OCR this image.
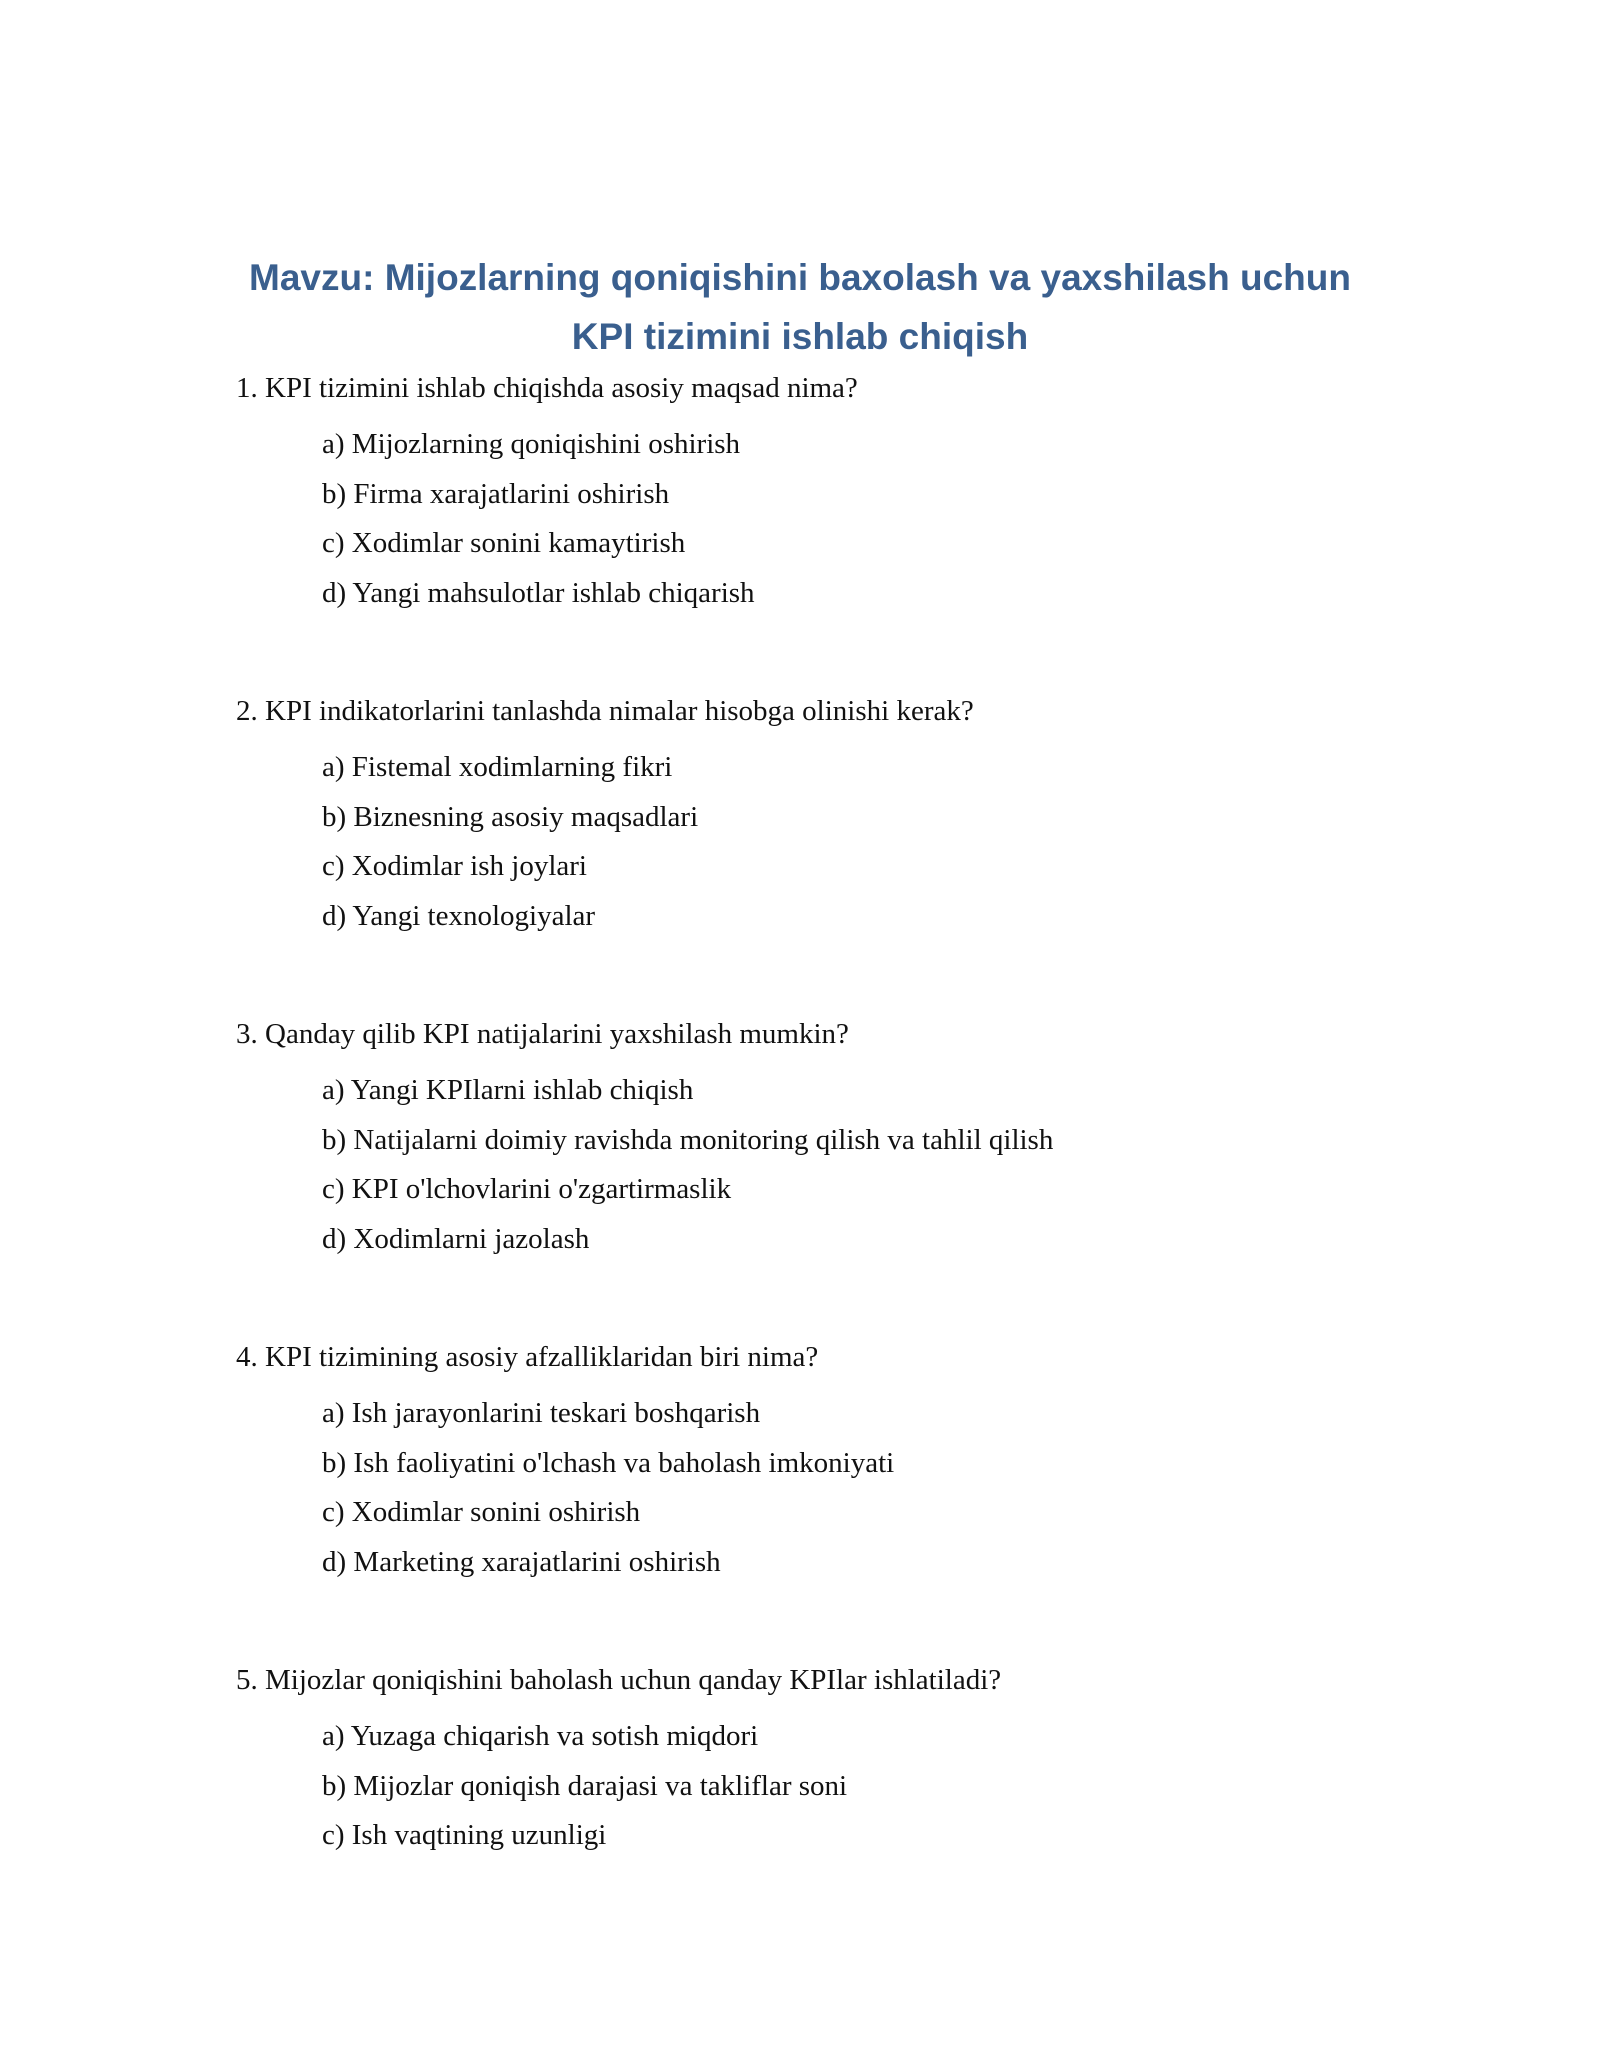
Mavzu: Mijozlarning qoniqishini baxolash va yaxshilash uchun
KPI tizimini ishlab chiqish
1. KPI tizimini ishlab chiqishda asosiy maqsad nima?
a) Mijozlarning qoniqishini oshirish
b) Firma xarajatlarini oshirish
c) Xodimlar sonini kamaytirish
d) Yangi mahsulotlar ishlab chiqarish
2. KPI indikatorlarini tanlashda nimalar hisobga olinishi kerak?
a) Fistemal xodimlarning fikri
b) Biznesning asosiy maqsadlari
c) Xodimlar ish joylari
d) Yangi texnologiyalar
3. Qanday qilib KPI natijalarini yaxshilash mumkin?
a) Yangi KPIlarni ishlab chiqish
b) Natijalarni doimiy ravishda monitoring qilish va tahlil qilish
c) KPI o'lchovlarini o'zgartirmaslik
d) Xodimlarni jazolash
4. KPI tizimining asosiy afzalliklaridan biri nima?
a) Ish jarayonlarini teskari boshqarish
b) Ish faoliyatini o'lchash va baholash imkoniyati
c) Xodimlar sonini oshirish
d) Marketing xarajatlarini oshirish
5. Mijozlar qoniqishini baholash uchun qanday KPIlar ishlatiladi?
a) Yuzaga chiqarish va sotish miqdori
b) Mijozlar qoniqish darajasi va takliflar soni
c) Ish vaqtining uzunligi
